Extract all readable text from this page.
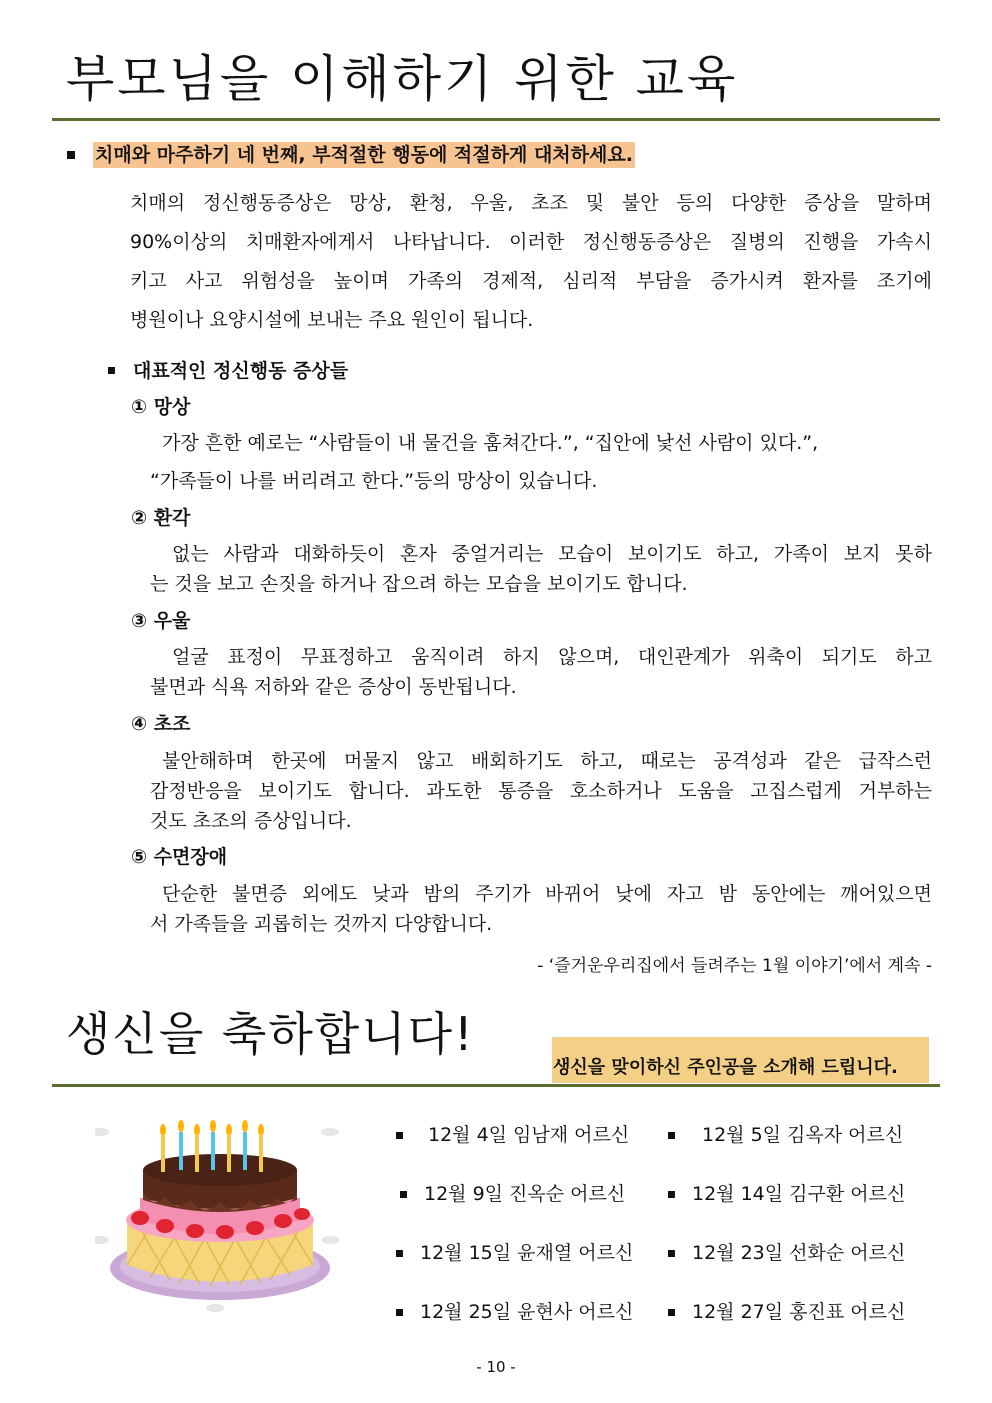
부모님을 이해하기 위한 교육
치매와 마주하기 네 번째, 부적절한 행동에 적절하게 대처하세요.
치매의 정신행동증상은 망상, 환청, 우울, 초조 및 불안 등의 다양한 증상을 말하며
90%이상의 치매환자에게서 나타납니다. 이러한 정신행동증상은 질병의 진행을 가속시
키고 사고 위험성을 높이며 가족의 경제적, 심리적 부담을 증가시켜 환자를 조기에
병원이나 요양시설에 보내는 주요 원인이 됩니다.
대표적인 정신행동 증상들
① 망상
가장 흔한 예로는 “사람들이 내 물건을 훔쳐간다.”, “집안에 낯선 사람이 있다.”,
“가족들이 나를 버리려고 한다.”등의 망상이 있습니다.
② 환각
없는 사람과 대화하듯이 혼자 중얼거리는 모습이 보이기도 하고, 가족이 보지 못하
는 것을 보고 손짓을 하거나 잡으려 하는 모습을 보이기도 합니다.
③ 우울
얼굴 표정이 무표정하고 움직이려 하지 않으며, 대인관계가 위축이 되기도 하고
불면과 식욕 저하와 같은 증상이 동반됩니다.
④ 초조
불안해하며 한곳에 머물지 않고 배회하기도 하고, 때로는 공격성과 같은 급작스런
감정반응을 보이기도 합니다. 과도한 통증을 호소하거나 도움을 고집스럽게 거부하는
것도 초조의 증상입니다.
⑤ 수면장애
단순한 불면증 외에도 낮과 밤의 주기가 바뀌어 낮에 자고 밤 동안에는 깨어있으면
서 가족들을 괴롭히는 것까지 다양합니다.
- ‘즐거운우리집에서 들려주는 1월 이야기’에서 계속 -
생신을 축하합니다!
생신을 맞이하신 주인공을 소개해 드립니다.
12월 4일 임남재 어르신	12월 5일 김옥자 어르신
12월 9일 진옥순 어르신	12월 14일 김구환 어르신
12월 15일 윤재열 어르신	12월 23일 선화순 어르신
12월 25일 윤현사 어르신	12월 27일 홍진표 어르신
- 10 -
